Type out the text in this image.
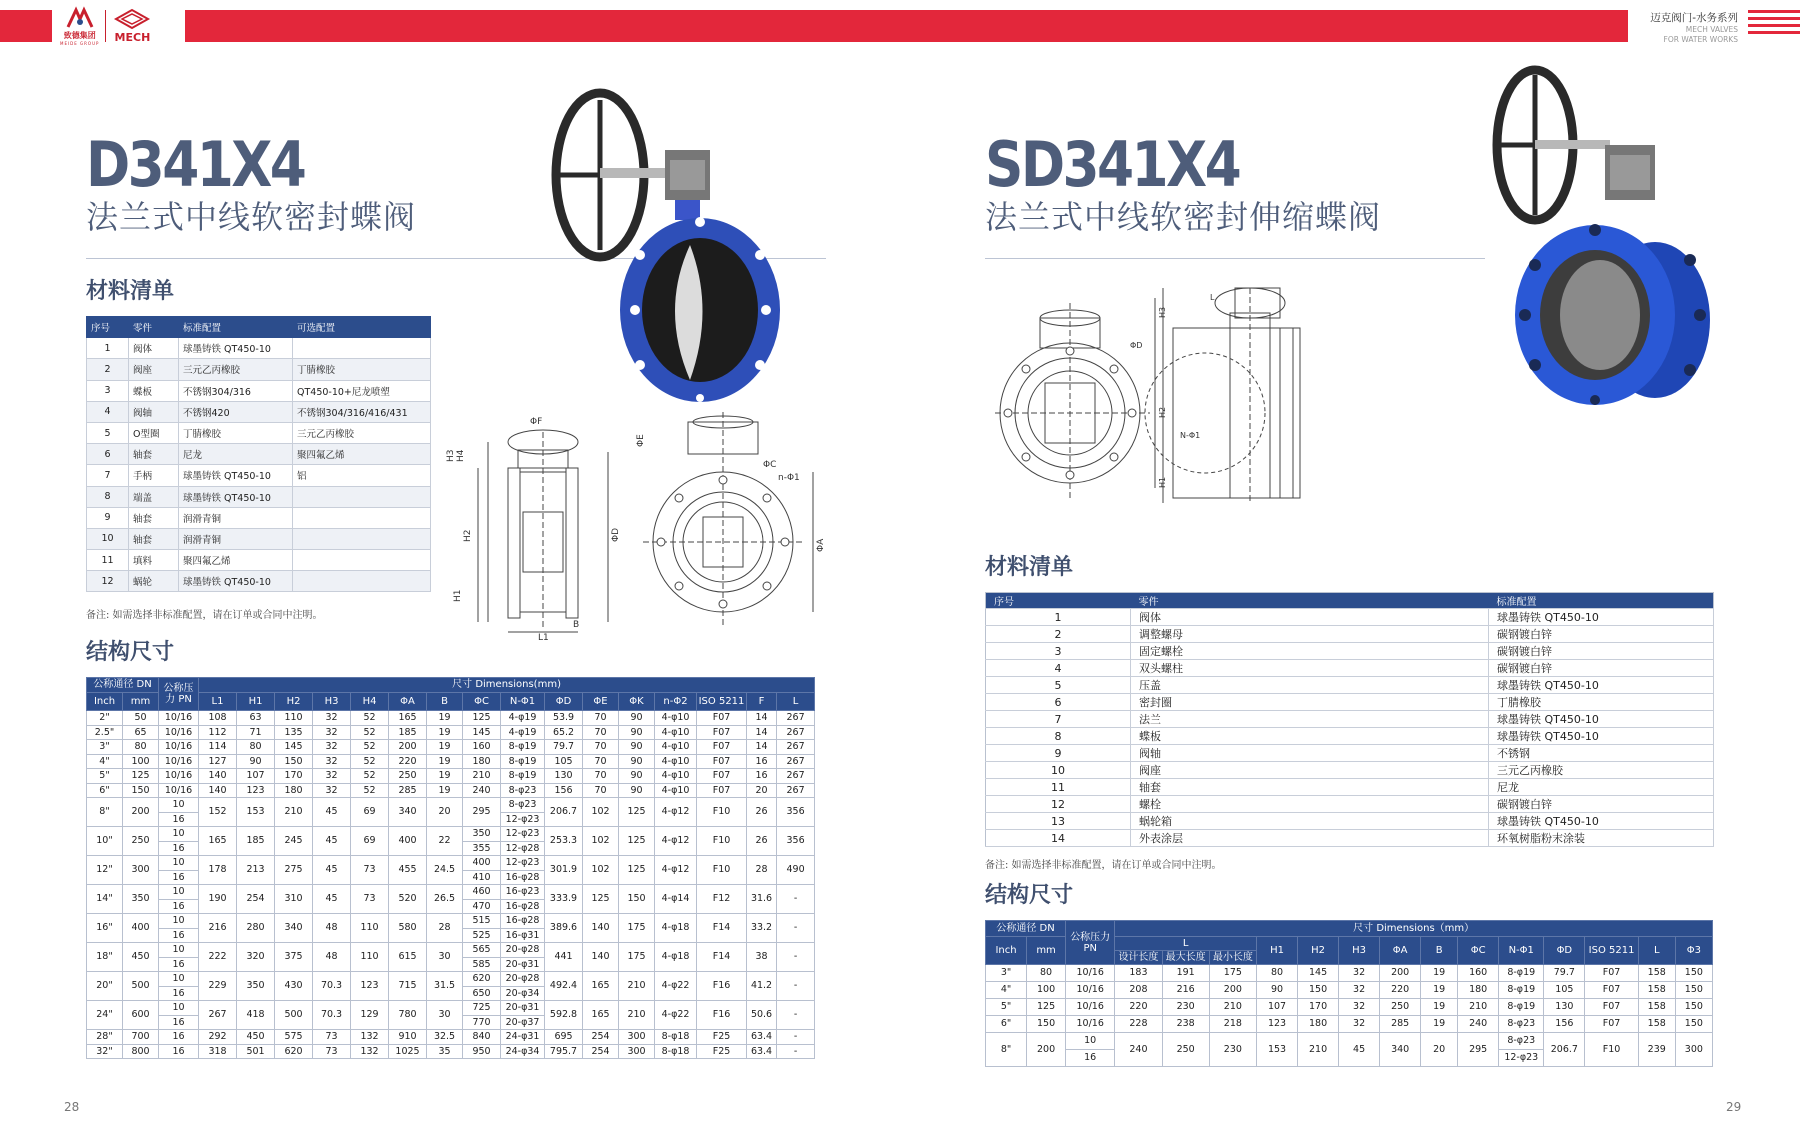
致德集团
MEIDE GROUP MECH
迈克阀门-水务系列
MECH VALVES
FOR WATER WORKS
D341X4
法兰式中线软密封蝶阀
ΦF
H2
H1
H3 H4
L1
B
ΦD
ΦA
ΦC
n-Φ1
ΦE
材料清单
序号	零件	标准配置	可选配置
1	阀体	球墨铸铁 QT450-10	
2	阀座	三元乙丙橡胶	丁腈橡胶
3	蝶板	不锈钢304/316	QT450-10+尼龙喷塑
4	阀轴	不锈钢420	不锈钢304/316/416/431
5	O型圈	丁腈橡胶	三元乙丙橡胶
6	轴套	尼龙	聚四氟乙烯
7	手柄	球墨铸铁 QT450-10	铝
8	端盖	球墨铸铁 QT450-10	
9	轴套	润滑青铜	
10	轴套	润滑青铜	
11	填料	聚四氟乙烯	
12	蜗轮	球墨铸铁 QT450-10	
备注: 如需选择非标准配置，请在订单或合同中注明。
结构尺寸
公称通径 DN		公称压力 PN	尺寸 Dimensions(mm)															
Inch	mm		L1	H1	H2	H3	H4	ΦA	B	ΦC	N-Φ1	ΦD	ΦE	ΦK	n-Φ2	ISO 5211	F	L
2"	50	10/16	108	63	110	32	52	165	19	125	4-φ19	53.9	70	90	4-φ10	F07	14	267
2.5"	65	10/16	112	71	135	32	52	185	19	145	4-φ19	65.2	70	90	4-φ10	F07	14	267
3"	80	10/16	114	80	145	32	52	200	19	160	8-φ19	79.7	70	90	4-φ10	F07	14	267
4"	100	10/16	127	90	150	32	52	220	19	180	8-φ19	105	70	90	4-φ10	F07	16	267
5"	125	10/16	140	107	170	32	52	250	19	210	8-φ19	130	70	90	4-φ10	F07	16	267
6"	150	10/16	140	123	180	32	52	285	19	240	8-φ23	156	70	90	4-φ10	F07	20	267
8"	200	10	152	153	210	45	69	340	20	295	8-φ23	206.7	102	125	4-φ12	F10	26	356
		16									12-φ23							
10"	250	10	165	185	245	45	69	400	22	350	12-φ23	253.3	102	125	4-φ12	F10	26	356
		16								355	12-φ28							
12"	300	10	178	213	275	45	73	455	24.5	400	12-φ23	301.9	102	125	4-φ12	F10	28	490
		16								410	16-φ28							
14"	350	10	190	254	310	45	73	520	26.5	460	16-φ23	333.9	125	150	4-φ14	F12	31.6	-
		16								470	16-φ28							
16"	400	10	216	280	340	48	110	580	28	515	16-φ28	389.6	140	175	4-φ18	F14	33.2	-
		16								525	16-φ31							
18"	450	10	222	320	375	48	110	615	30	565	20-φ28	441	140	175	4-φ18	F14	38	-
		16								585	20-φ31							
20"	500	10	229	350	430	70.3	123	715	31.5	620	20-φ28	492.4	165	210	4-φ22	F16	41.2	-
		16								650	20-φ34							
24"	600	10	267	418	500	70.3	129	780	30	725	20-φ31	592.8	165	210	4-φ22	F16	50.6	-
		16								770	20-φ37							
28"	700	16	292	450	575	73	132	910	32.5	840	24-φ31	695	254	300	8-φ18	F25	63.4	-
32"	800	16	318	501	620	73	132	1025	35	950	24-φ34	795.7	254	300	8-φ18	F25	63.4	-
28
SD341X4
法兰式中线软密封伸缩蝶阀
H2
H1
H3
ΦD
N-Φ1
L
材料清单
序号	零件	标准配置
1	阀体	球墨铸铁 QT450-10
2	调整螺母	碳钢镀白锌
3	固定螺栓	碳钢镀白锌
4	双头螺柱	碳钢镀白锌
5	压盖	球墨铸铁 QT450-10
6	密封圈	丁腈橡胶
7	法兰	球墨铸铁 QT450-10
8	蝶板	球墨铸铁 QT450-10
9	阀轴	不锈钢
10	阀座	三元乙丙橡胶
11	轴套	尼龙
12	螺栓	碳钢镀白锌
13	蜗轮箱	球墨铸铁 QT450-10
14	外表涂层	环氧树脂粉末涂装
备注: 如需选择非标准配置，请在订单或合同中注明。
结构尺寸
公称通径 DN		公称压力 PN	尺寸 Dimensions（mm）													
Inch	mm		L			H1	H2	H3	ΦA	B	ΦC	N-Φ1	ΦD	ISO 5211	L	Φ3
			设计长度	最大长度	最小长度											
3"	80	10/16	183	191	175	80	145	32	200	19	160	8-φ19	79.7	F07	158	150
4"	100	10/16	208	216	200	90	150	32	220	19	180	8-φ19	105	F07	158	150
5"	125	10/16	220	230	210	107	170	32	250	19	210	8-φ19	130	F07	158	150
6"	150	10/16	228	238	218	123	180	32	285	19	240	8-φ23	156	F07	158	150
8"	200	10	240	250	230	153	210	45	340	20	295	8-φ23	206.7	F10	239	300
		16										12-φ23				
29
